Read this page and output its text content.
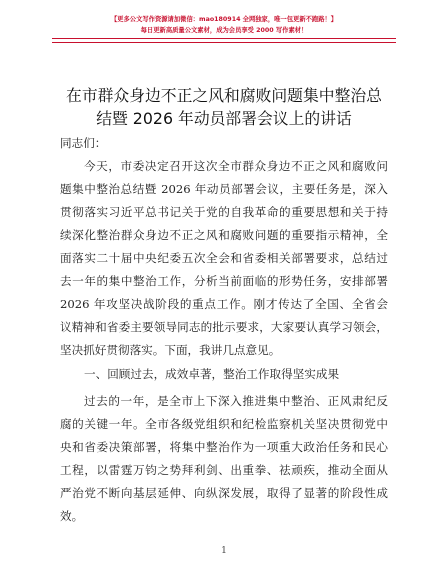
【更多公文写作资源请加微信：mao180914 全网独家，唯一包更新不跑路！】
每日更新高质量公文素材，成为会员享受 2000 写作素材！
在市群众身边不正之风和腐败问题集中整治总
结暨 2026 年动员部署会议上的讲话
同志们：
今天，市委决定召开这次全市群众身边不正之风和腐败问
题集中整治总结暨 2026 年动员部署会议，主要任务是，深入
贯彻落实习近平总书记关于党的自我革命的重要思想和关于持
续深化整治群众身边不正之风和腐败问题的重要指示精神，全
面落实二十届中央纪委五次全会和省委相关部署要求，总结过
去一年的集中整治工作，分析当前面临的形势任务，安排部署
2026 年攻坚决战阶段的重点工作。刚才传达了全国、全省会
议精神和省委主要领导同志的批示要求，大家要认真学习领会，
坚决抓好贯彻落实。下面，我讲几点意见。
一、回顾过去，成效卓著，整治工作取得坚实成果
过去的一年，是全市上下深入推进集中整治、正风肃纪反
腐的关键一年。全市各级党组织和纪检监察机关坚决贯彻党中
央和省委决策部署，将集中整治作为一项重大政治任务和民心
工程，以雷霆万钧之势拜利剑、出重拳、祛顽疾，推动全面从
严治党不断向基层延伸、向纵深发展，取得了显著的阶段性成
效。
1
